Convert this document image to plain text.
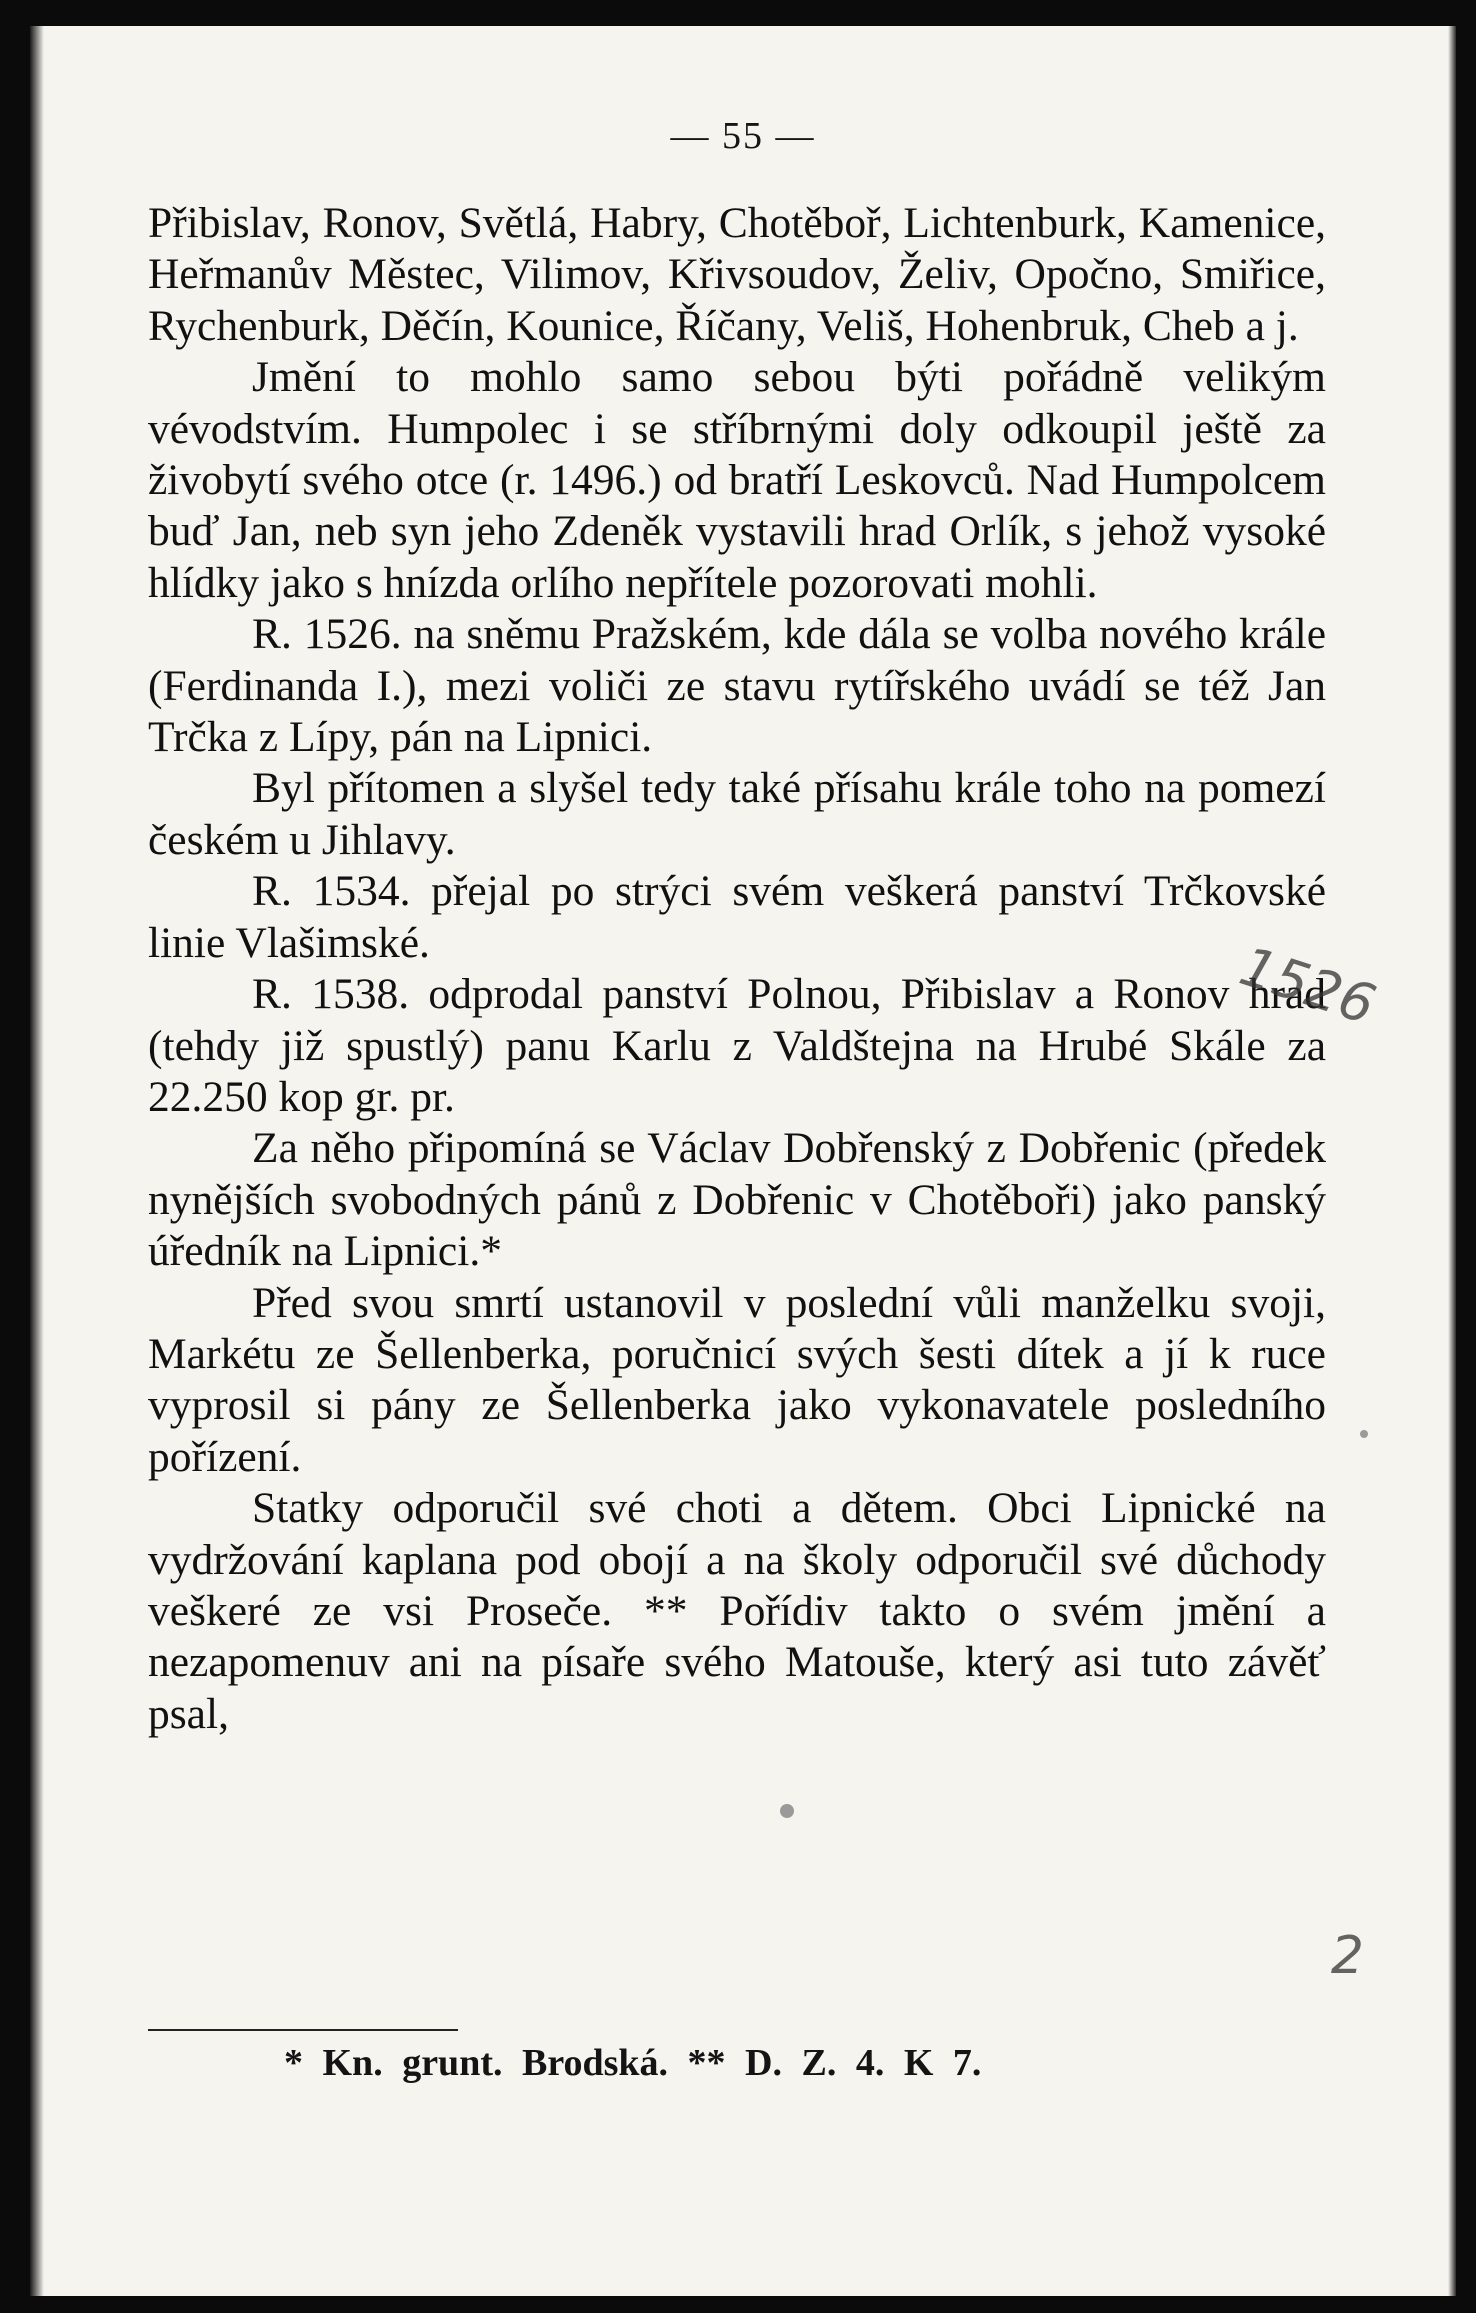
— 55 —

Přibislav, Ronov, Světlá, Habry, Chotěboř, Lichtenburk, Kamenice, Heřmanův Městec, Vilimov, Křivsoudov, Želiv, Opočno, Smiřice, Rychenburk, Děčín, Kounice, Říčany, Veliš, Hohenbruk, Cheb a j.

Jmění to mohlo samo sebou býti pořádně velikým vévodstvím. Humpolec i se stříbrnými doly odkoupil ještě za živobytí svého otce (r. 1496.) od bratří Leskovců. Nad Humpolcem buď Jan, neb syn jeho Zdeněk vystavili hrad Orlík, s jehož vysoké hlídky jako s hnízda orlího nepřítele pozorovati mohli.

R. 1526. na sněmu Pražském, kde dála se volba nového krále (Ferdinanda I.), mezi voliči ze stavu rytířského uvádí se též Jan Trčka z Lípy, pán na Lipnici.

Byl přítomen a slyšel tedy také přísahu krále toho na pomezí českém u Jihlavy.

R. 1534. přejal po strýci svém veškerá panství Trčkovské linie Vlašimské.

R. 1538. odprodal panství Polnou, Přibislav a Ronov hrad (tehdy již spustlý) panu Karlu z Valdštejna na Hrubé Skále za 22.250 kop gr. pr.

Za něho připomíná se Václav Dobřenský z Dobřenic (předek nynějších svobodných pánů z Dobřenic v Chotěboři) jako panský úředník na Lipnici.*

Před svou smrtí ustanovil v poslední vůli manželku svoji, Markétu ze Šellenberka, poručnicí svých šesti dítek a jí k ruce vyprosil si pány ze Šellenberka jako vykonavatele posledního pořízení.

Statky odporučil své choti a dětem. Obci Lipnické na vydržování kaplana pod obojí a na školy odporučil své důchody veškeré ze vsi Proseče. ** Pořídiv takto o svém jmění a nezapomenuv ani na písaře svého Matouše, který asi tuto závěť psal,

* Kn. grunt. Brodská. ** D. Z. 4. K 7.
1526
2
